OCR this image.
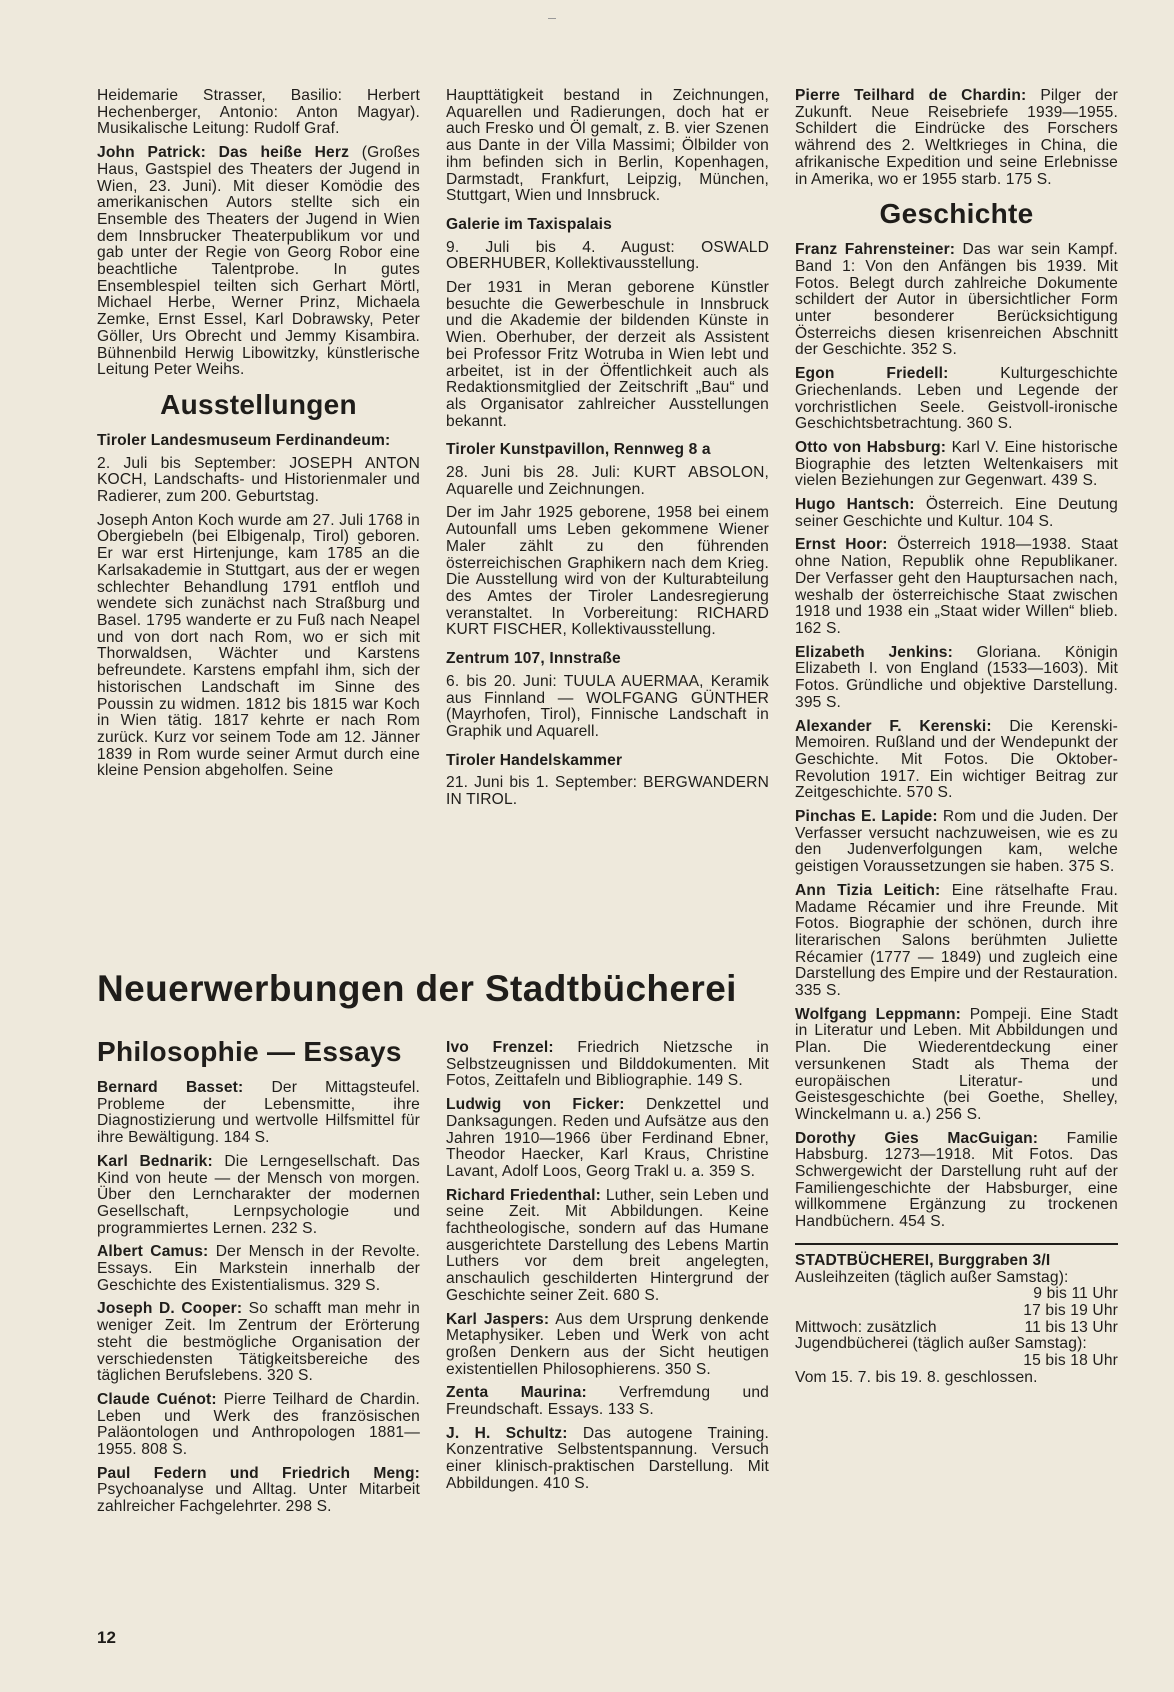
Heidemarie Strasser, Basilio: Herbert Hechenberger, Antonio: Anton Magyar). Musikalische Leitung: Rudolf Graf.

John Patrick: Das heiße Herz (Großes Haus, Gastspiel des Theaters der Jugend in Wien, 23. Juni). Mit dieser Komödie des amerikanischen Autors stellte sich ein Ensemble des Theaters der Jugend in Wien dem Innsbrucker Theaterpublikum vor und gab unter der Regie von Georg Robor eine beachtliche Talentprobe. In gutes Ensemblespiel teilten sich Gerhart Mörtl, Michael Herbe, Werner Prinz, Michaela Zemke, Ernst Essel, Karl Dobrawsky, Peter Göller, Urs Obrecht und Jemmy Kisambira. Bühnenbild Herwig Libowitzky, künstlerische Leitung Peter Weihs.

Ausstellungen

Tiroler Landesmuseum Ferdinandeum:

2. Juli bis September: JOSEPH ANTON KOCH, Landschafts- und Historienmaler und Radierer, zum 200. Geburtstag.

Joseph Anton Koch wurde am 27. Juli 1768 in Obergiebeln (bei Elbigenalp, Tirol) geboren. Er war erst Hirtenjunge, kam 1785 an die Karlsakademie in Stuttgart, aus der er wegen schlechter Behandlung 1791 entfloh und wendete sich zunächst nach Straßburg und Basel. 1795 wanderte er zu Fuß nach Neapel und von dort nach Rom, wo er sich mit Thorwaldsen, Wächter und Karstens befreundete. Karstens empfahl ihm, sich der historischen Landschaft im Sinne des Poussin zu widmen. 1812 bis 1815 war Koch in Wien tätig. 1817 kehrte er nach Rom zurück. Kurz vor seinem Tode am 12. Jänner 1839 in Rom wurde seiner Armut durch eine kleine Pension abgeholfen. Seine

Haupttätigkeit bestand in Zeichnungen, Aquarellen und Radierungen, doch hat er auch Fresko und Öl gemalt, z. B. vier Szenen aus Dante in der Villa Massimi; Ölbilder von ihm befinden sich in Berlin, Kopenhagen, Darmstadt, Frankfurt, Leipzig, München, Stuttgart, Wien und Innsbruck.

Galerie im Taxispalais

9. Juli bis 4. August: OSWALD OBERHUBER, Kollektivausstellung.

Der 1931 in Meran geborene Künstler besuchte die Gewerbeschule in Innsbruck und die Akademie der bildenden Künste in Wien. Oberhuber, der derzeit als Assistent bei Professor Fritz Wotruba in Wien lebt und arbeitet, ist in der Öffentlichkeit auch als Redaktionsmitglied der Zeitschrift „Bau“ und als Organisator zahlreicher Ausstellungen bekannt.

Tiroler Kunstpavillon, Rennweg 8 a

28. Juni bis 28. Juli: KURT ABSOLON, Aquarelle und Zeichnungen.

Der im Jahr 1925 geborene, 1958 bei einem Autounfall ums Leben gekommene Wiener Maler zählt zu den führenden österreichischen Graphikern nach dem Krieg. Die Ausstellung wird von der Kulturabteilung des Amtes der Tiroler Landesregierung veranstaltet. In Vorbereitung: RICHARD KURT FISCHER, Kollektivausstellung.

Zentrum 107, Innstraße

6. bis 20. Juni: TUULA AUERMAA, Keramik aus Finnland — WOLFGANG GÜNTHER (Mayrhofen, Tirol), Finnische Landschaft in Graphik und Aquarell.

Tiroler Handelskammer

21. Juni bis 1. September: BERGWANDERN IN TIROL.

Neuerwerbungen der Stadtbücherei
Philosophie — Essays

Bernard Basset: Der Mittagsteufel. Probleme der Lebensmitte, ihre Diagnostizierung und wertvolle Hilfsmittel für ihre Bewältigung. 184 S.

Karl Bednarik: Die Lerngesellschaft. Das Kind von heute — der Mensch von morgen. Über den Lerncharakter der modernen Gesellschaft, Lernpsychologie und programmiertes Lernen. 232 S.

Albert Camus: Der Mensch in der Revolte. Essays. Ein Markstein innerhalb der Geschichte des Existentialismus. 329 S.

Joseph D. Cooper: So schafft man mehr in weniger Zeit. Im Zentrum der Erörterung steht die bestmögliche Organisation der verschiedensten Tätigkeitsbereiche des täglichen Berufslebens. 320 S.

Claude Cuénot: Pierre Teilhard de Chardin. Leben und Werk des französischen Paläontologen und Anthropologen 1881—1955. 808 S.

Paul Federn und Friedrich Meng: Psychoanalyse und Alltag. Unter Mitarbeit zahlreicher Fachgelehrter. 298 S.

Ivo Frenzel: Friedrich Nietzsche in Selbstzeugnissen und Bilddokumenten. Mit Fotos, Zeittafeln und Bibliographie. 149 S.

Ludwig von Ficker: Denkzettel und Danksagungen. Reden und Aufsätze aus den Jahren 1910—1966 über Ferdinand Ebner, Theodor Haecker, Karl Kraus, Christine Lavant, Adolf Loos, Georg Trakl u. a. 359 S.

Richard Friedenthal: Luther, sein Leben und seine Zeit. Mit Abbildungen. Keine fachtheologische, sondern auf das Humane ausgerichtete Darstellung des Lebens Martin Luthers vor dem breit angelegten, anschaulich geschilderten Hintergrund der Geschichte seiner Zeit. 680 S.

Karl Jaspers: Aus dem Ursprung denkende Metaphysiker. Leben und Werk von acht großen Denkern aus der Sicht heutigen existentiellen Philosophierens. 350 S.

Zenta Maurina: Verfremdung und Freundschaft. Essays. 133 S.

J. H. Schultz: Das autogene Training. Konzentrative Selbstentspannung. Versuch einer klinisch-praktischen Darstellung. Mit Abbildungen. 410 S.

Pierre Teilhard de Chardin: Pilger der Zukunft. Neue Reisebriefe 1939—1955. Schildert die Eindrücke des Forschers während des 2. Weltkrieges in China, die afrikanische Expedition und seine Erlebnisse in Amerika, wo er 1955 starb. 175 S.

Geschichte

Franz Fahrensteiner: Das war sein Kampf. Band 1: Von den Anfängen bis 1939. Mit Fotos. Belegt durch zahlreiche Dokumente schildert der Autor in übersichtlicher Form unter besonderer Berücksichtigung Österreichs diesen krisenreichen Abschnitt der Geschichte. 352 S.

Egon Friedell: Kulturgeschichte Griechenlands. Leben und Legende der vorchristlichen Seele. Geistvoll-ironische Geschichtsbetrachtung. 360 S.

Otto von Habsburg: Karl V. Eine historische Biographie des letzten Weltenkaisers mit vielen Beziehungen zur Gegenwart. 439 S.

Hugo Hantsch: Österreich. Eine Deutung seiner Geschichte und Kultur. 104 S.

Ernst Hoor: Österreich 1918—1938. Staat ohne Nation, Republik ohne Republikaner. Der Verfasser geht den Hauptursachen nach, weshalb der österreichische Staat zwischen 1918 und 1938 ein „Staat wider Willen“ blieb. 162 S.

Elizabeth Jenkins: Gloriana. Königin Elizabeth I. von England (1533—1603). Mit Fotos. Gründliche und objektive Darstellung. 395 S.

Alexander F. Kerenski: Die Kerenski-Memoiren. Rußland und der Wendepunkt der Geschichte. Mit Fotos. Die Oktober-Revolution 1917. Ein wichtiger Beitrag zur Zeitgeschichte. 570 S.

Pinchas E. Lapide: Rom und die Juden. Der Verfasser versucht nachzuweisen, wie es zu den Judenverfolgungen kam, welche geistigen Voraussetzungen sie haben. 375 S.

Ann Tizia Leitich: Eine rätselhafte Frau. Madame Récamier und ihre Freunde. Mit Fotos. Biographie der schönen, durch ihre literarischen Salons berühmten Juliette Récamier (1777 — 1849) und zugleich eine Darstellung des Empire und der Restauration. 335 S.

Wolfgang Leppmann: Pompeji. Eine Stadt in Literatur und Leben. Mit Abbildungen und Plan. Die Wiederentdeckung einer versunkenen Stadt als Thema der europäischen Literatur- und Geistesgeschichte (bei Goethe, Shelley, Winckelmann u. a.) 256 S.

Dorothy Gies MacGuigan: Familie Habsburg. 1273—1918. Mit Fotos. Das Schwergewicht der Darstellung ruht auf der Familiengeschichte der Habsburger, eine willkommene Ergänzung zu trockenen Handbüchern. 454 S.

STADTBÜCHEREI, Burggraben 3/I
Ausleihzeiten (täglich außer Samstag):
9 bis 11 Uhr
17 bis 19 Uhr
Mittwoch: zusätzlich	11 bis 13 Uhr
Jugendbücherei (täglich außer Samstag):
15 bis 18 Uhr
Vom 15. 7. bis 19. 8. geschlossen.
12
